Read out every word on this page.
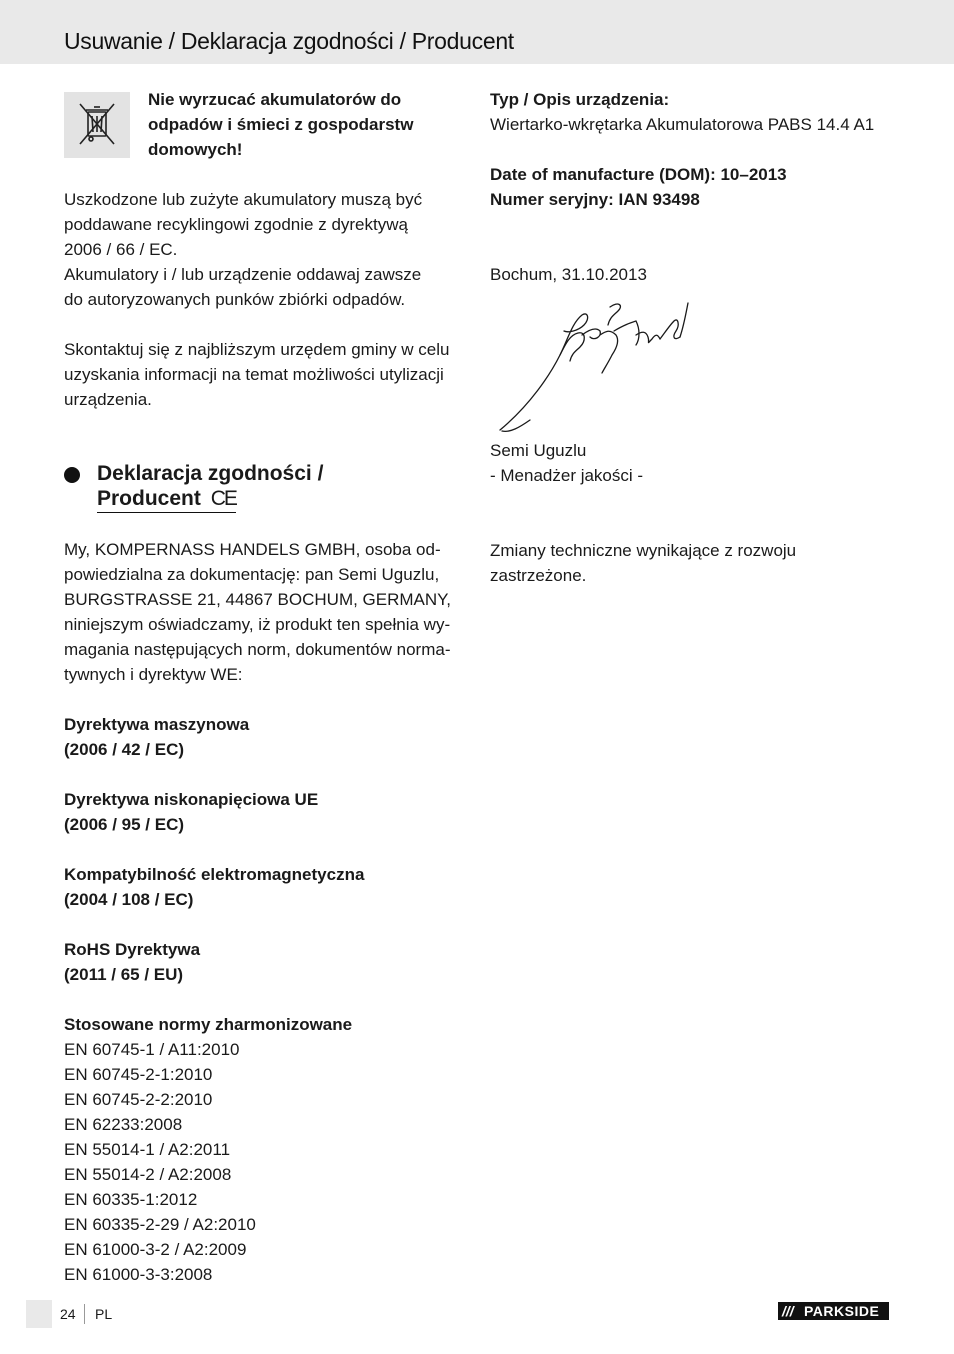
Usuwanie / Deklaracja zgodności / Producent
Nie wyrzucać akumulatorów do odpadów i śmieci z gospodarstw domowych!
Uszkodzone lub zużyte akumulatory muszą być
poddawane recyklingowi zgodnie z dyrektywą
2006 / 66 / EC.
Akumulatory i / lub urządzenie oddawaj zawsze
do autoryzowanych punków zbiórki odpadów.
Skontaktuj się z najbliższym urzędem gminy w celu
uzyskania informacji na temat możliwości utylizacji
urządzenia.
Deklaracja zgodności /
Producent CE
My, KOMPERNASS HANDELS GMBH, osoba od-
powiedzialna za dokumentację: pan Semi Uguzlu,
BURGSTRASSE 21, 44867 BOCHUM, GERMANY,
niniejszym oświadczamy, iż produkt ten spełnia wy-
magania następujących norm, dokumentów norma-
tywnych i dyrektyw WE:
Dyrektywa maszynowa
(2006 / 42 / EC)
Dyrektywa niskonapięciowa UE
(2006 / 95 / EC)
Kompatybilność elektromagnetyczna
(2004 / 108 / EC)
RoHS Dyrektywa
(2011 / 65 / EU)
Stosowane normy zharmonizowane
EN 60745-1 / A11:2010
EN 60745-2-1:2010
EN 60745-2-2:2010
EN 62233:2008
EN 55014-1 / A2:2011
EN 55014-2 / A2:2008
EN 60335-1:2012
EN 60335-2-29 / A2:2010
EN 61000-3-2 / A2:2009
EN 61000-3-3:2008
Typ / Opis urządzenia:
Wiertarko-wkrętarka Akumulatorowa PABS 14.4 A1
Date of manufacture (DOM): 10–2013
Numer seryjny: IAN 93498
Bochum, 31.10.2013
Semi Uguzlu
- Menadżer jakości -
Zmiany techniczne wynikające z rozwoju
zastrzeżone.
24 PL	/// PARKSIDE
